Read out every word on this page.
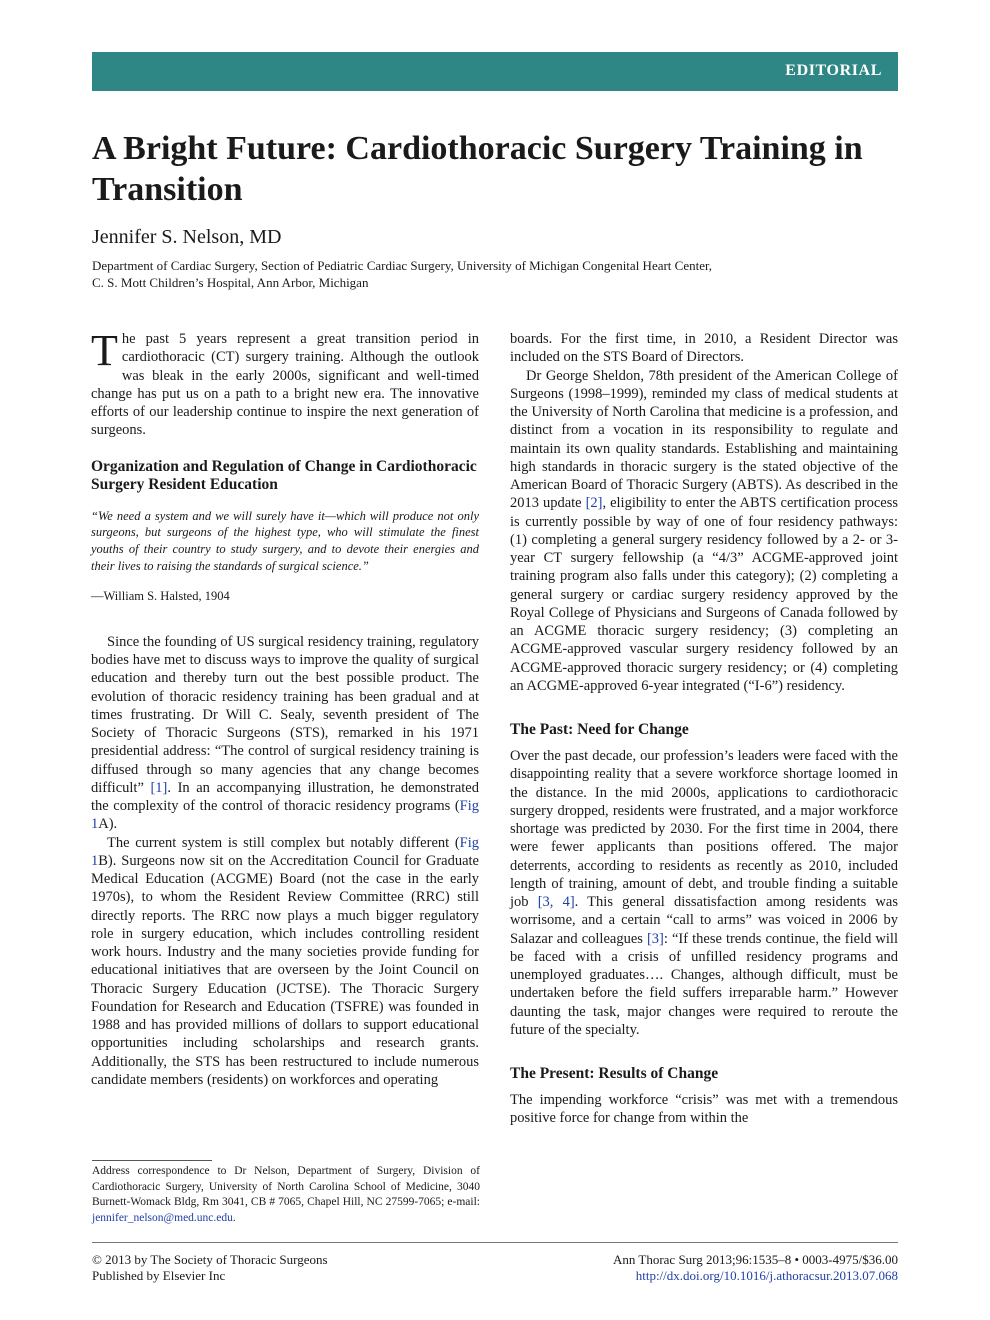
EDITORIAL
A Bright Future: Cardiothoracic Surgery Training in Transition

Jennifer S. Nelson, MD

Department of Cardiac Surgery, Section of Pediatric Cardiac Surgery, University of Michigan Congenital Heart Center,
C. S. Mott Children’s Hospital, Ann Arbor, Michigan

The past 5 years represent a great transition period in cardiothoracic (CT) surgery training. Although the outlook was bleak in the early 2000s, significant and well-timed change has put us on a path to a bright new era. The innovative efforts of our leadership continue to inspire the next generation of surgeons.

Organization and Regulation of Change in Cardiothoracic Surgery Resident Education

“We need a system and we will surely have it—which will produce not only surgeons, but surgeons of the highest type, who will stimulate the finest youths of their country to study surgery, and to devote their energies and their lives to raising the standards of surgical science.”

—William S. Halsted, 1904

Since the founding of US surgical residency training, regulatory bodies have met to discuss ways to improve the quality of surgical education and thereby turn out the best possible product. The evolution of thoracic residency training has been gradual and at times frustrating. Dr Will C. Sealy, seventh president of The Society of Thoracic Surgeons (STS), remarked in his 1971 presidential address: “The control of surgical residency training is diffused through so many agencies that any change becomes difficult” [1]. In an accompanying illustration, he demonstrated the complexity of the control of thoracic residency programs (Fig 1A).

The current system is still complex but notably different (Fig 1B). Surgeons now sit on the Accreditation Council for Graduate Medical Education (ACGME) Board (not the case in the early 1970s), to whom the Resident Review Committee (RRC) still directly reports. The RRC now plays a much bigger regulatory role in surgery education, which includes controlling resident work hours. Industry and the many societies provide funding for educational initiatives that are overseen by the Joint Council on Thoracic Surgery Education (JCTSE). The Thoracic Surgery Foundation for Research and Education (TSFRE) was founded in 1988 and has provided millions of dollars to support educational opportunities including scholarships and research grants. Additionally, the STS has been restructured to include numerous candidate members (residents) on workforces and operating

boards. For the first time, in 2010, a Resident Director was included on the STS Board of Directors.

Dr George Sheldon, 78th president of the American College of Surgeons (1998–1999), reminded my class of medical students at the University of North Carolina that medicine is a profession, and distinct from a vocation in its responsibility to regulate and maintain its own quality standards. Establishing and maintaining high standards in thoracic surgery is the stated objective of the American Board of Thoracic Surgery (ABTS). As described in the 2013 update [2], eligibility to enter the ABTS certification process is currently possible by way of one of four residency pathways: (1) completing a general surgery residency followed by a 2- or 3-year CT surgery fellowship (a “4/3” ACGME-approved joint training program also falls under this category); (2) completing a general surgery or cardiac surgery residency approved by the Royal College of Physicians and Surgeons of Canada followed by an ACGME thoracic surgery residency; (3) completing an ACGME-approved vascular surgery residency followed by an ACGME-approved thoracic surgery residency; or (4) completing an ACGME-approved 6-year integrated (“I-6”) residency.

The Past: Need for Change

Over the past decade, our profession’s leaders were faced with the disappointing reality that a severe workforce shortage loomed in the distance. In the mid 2000s, applications to cardiothoracic surgery dropped, residents were frustrated, and a major workforce shortage was predicted by 2030. For the first time in 2004, there were fewer applicants than positions offered. The major deterrents, according to residents as recently as 2010, included length of training, amount of debt, and trouble finding a suitable job [3, 4]. This general dissatisfaction among residents was worrisome, and a certain “call to arms” was voiced in 2006 by Salazar and colleagues [3]: “If these trends continue, the field will be faced with a crisis of unfilled residency programs and unemployed graduates…. Changes, although difficult, must be undertaken before the field suffers irreparable harm.” However daunting the task, major changes were required to reroute the future of the specialty.

The Present: Results of Change

The impending workforce “crisis” was met with a tremendous positive force for change from within the

Address correspondence to Dr Nelson, Department of Surgery, Division of Cardiothoracic Surgery, University of North Carolina School of Medicine, 3040 Burnett-Womack Bldg, Rm 3041, CB # 7065, Chapel Hill, NC 27599-7065; e-mail: jennifer_nelson@med.unc.edu.
© 2013 by The Society of Thoracic Surgeons
Published by Elsevier Inc
Ann Thorac Surg 2013;96:1535–8 • 0003-4975/$36.00
http://dx.doi.org/10.1016/j.athoracsur.2013.07.068
